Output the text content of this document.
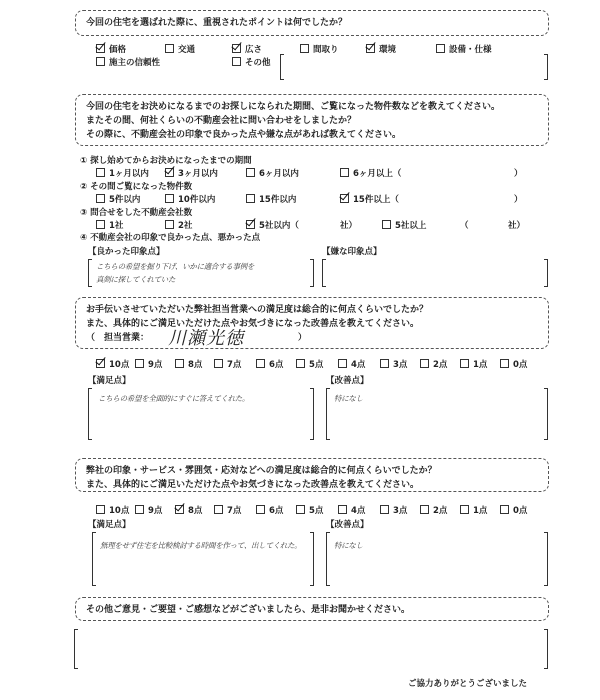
今回の住宅を選ばれた際に、重視されたポイントは何でしたか？
価格	交通	広さ	間取り	環境	設備・仕様
施主の信頼性	その他
今回の住宅をお決めになるまでのお探しになられた期間、ご覧になった物件数などを教えてください。
またその間、何社くらいの不動産会社に問い合わせをしましたか？
その際に、不動産会社の印象で良かった点や嫌な点があれば教えてください。
① 探し始めてからお決めになったまでの期間
1ヶ月以内	3ヶ月以内	6ヶ月以内	6ヶ月以上（
② その間ご覧になった物件数
5件以内	10件以内	15件以内	15件以上（
③ 問合せをした不動産会社数
1社	2社	5社以内（	5社以上
）
）
社）	（	社）
④ 不動産会社の印象で良かった点、悪かった点
【良かった印象点】	【嫌な印象点】
こちらの希望を掘り下げ、いかに適合する事例を
真剣に探してくれていた
お手伝いさせていただいた弊社担当営業への満足度は総合的に何点くらいでしたか？
また、具体的にご満足いただけた点やお気づきになった改善点を教えてください。
（　担当営業：	川瀬光徳	）
10点	9点	8点	7点	6点	5点	4点	3点	2点	1点	0点
【満足点】	【改善点】
こちらの希望を全面的にすぐに答えてくれた。	特になし
弊社の印象・サービス・雰囲気・応対などへの満足度は総合的に何点くらいでしたか？
また、具体的にご満足いただけた点やお気づきになった改善点を教えてください。
10点	9点	8点	7点	6点	5点	4点	3点	2点	1点	0点
【満足点】	【改善点】
無理をせず住宅を比較検討する時間を作って、出してくれた。	特になし
その他ご意見・ご要望・ご感想などがございましたら、是非お聞かせください。
ご協力ありがとうございました
